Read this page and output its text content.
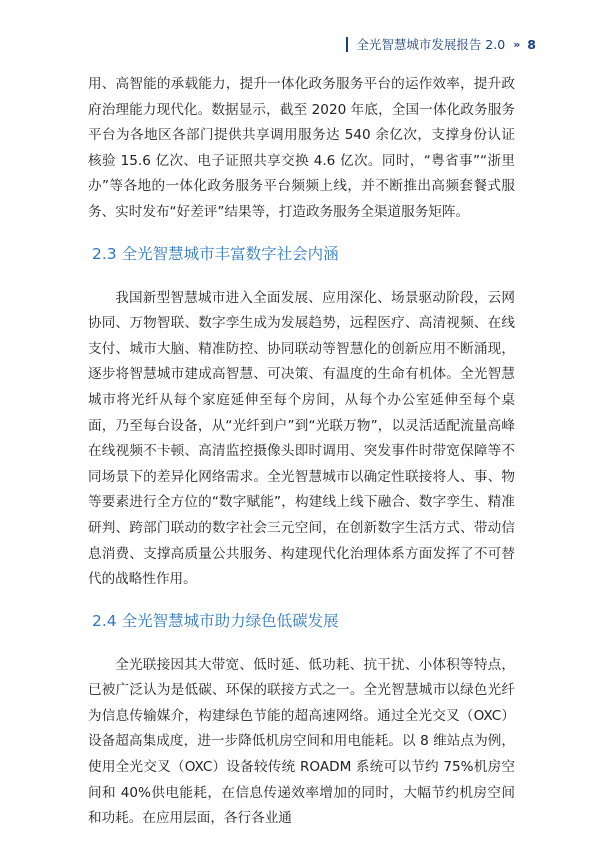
全光智慧城市发展报告 2.0 » 8

用、高智能的承载能力，提升一体化政务服务平台的运作效率，提升政府治理能力现代化。数据显示，截至 2020 年底，全国一体化政务服务平台为各地区各部门提供共享调用服务达 540 余亿次，支撑身份认证核验 15.6 亿次、电子证照共享交换 4.6 亿次。同时，“粤省事”“浙里办”等各地的一体化政务服务平台频频上线，并不断推出高频套餐式服务、实时发布“好差评”结果等，打造政务服务全渠道服务矩阵。

2.3 全光智慧城市丰富数字社会内涵

我国新型智慧城市进入全面发展、应用深化、场景驱动阶段，云网协同、万物智联、数字孪生成为发展趋势，远程医疗、高清视频、在线支付、城市大脑、精准防控、协同联动等智慧化的创新应用不断涌现，逐步将智慧城市建成高智慧、可决策、有温度的生命有机体。全光智慧城市将光纤从每个家庭延伸至每个房间，从每个办公室延伸至每个桌面，乃至每台设备，从“光纤到户”到“光联万物”，以灵活适配流量高峰在线视频不卡顿、高清监控摄像头即时调用、突发事件时带宽保障等不同场景下的差异化网络需求。全光智慧城市以确定性联接将人、事、物等要素进行全方位的“数字赋能”，构建线上线下融合、数字孪生、精准研判、跨部门联动的数字社会三元空间，在创新数字生活方式、带动信息消费、支撑高质量公共服务、构建现代化治理体系方面发挥了不可替代的战略性作用。

2.4 全光智慧城市助力绿色低碳发展

全光联接因其大带宽、低时延、低功耗、抗干扰、小体积等特点，已被广泛认为是低碳、环保的联接方式之一。全光智慧城市以绿色光纤为信息传输媒介，构建绿色节能的超高速网络。通过全光交叉（OXC）设备超高集成度，进一步降低机房空间和用电能耗。以 8 维站点为例，使用全光交叉（OXC）设备较传统 ROADM 系统可以节约 75%机房空间和 40%供电能耗，在信息传递效率增加的同时，大幅节约机房空间和功耗。在应用层面，各行各业通
